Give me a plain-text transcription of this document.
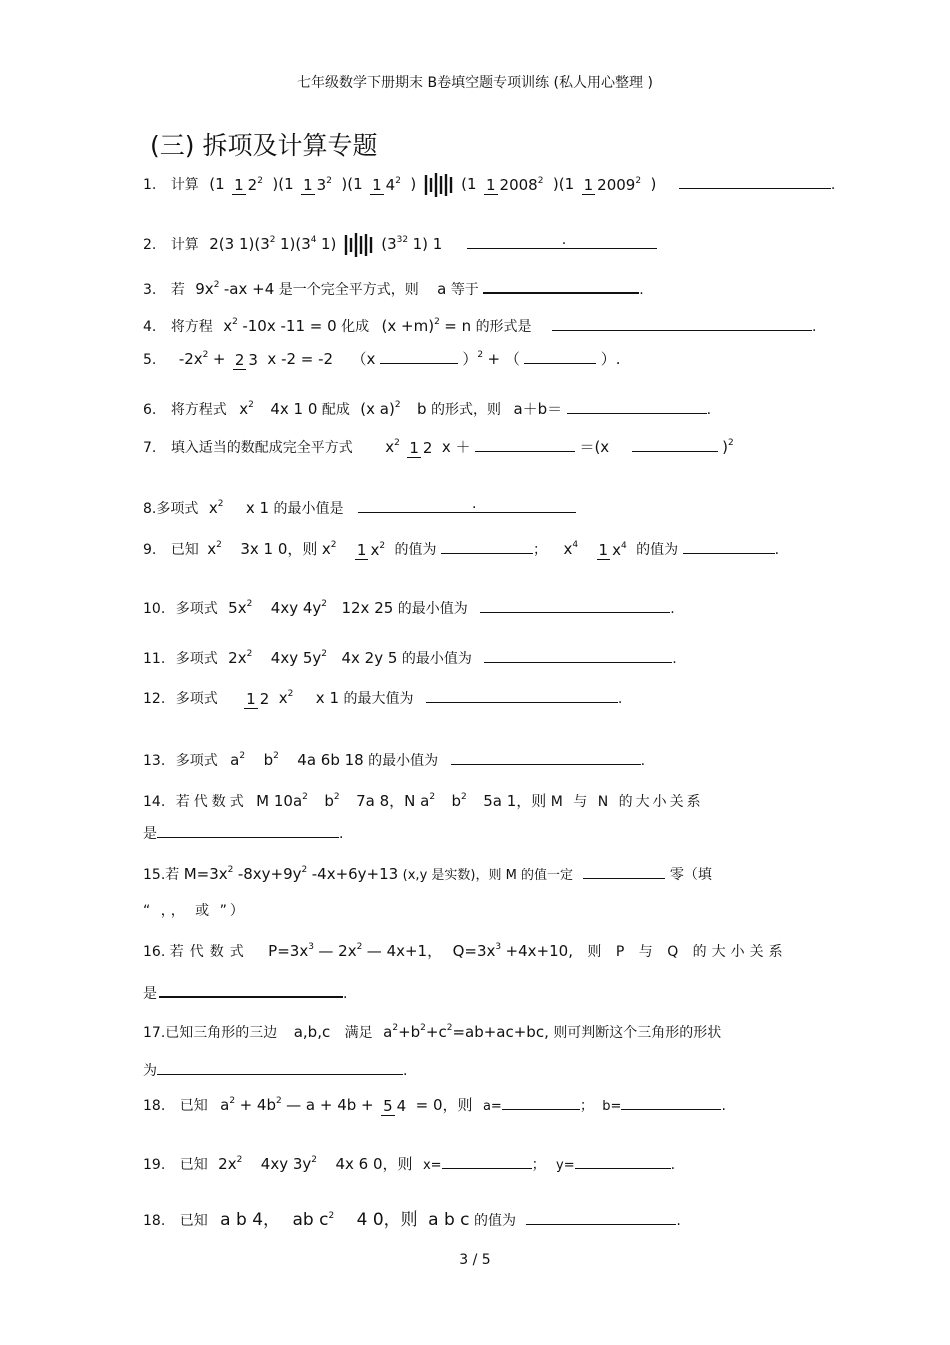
七年级数学下册期末 B卷填空题专项训练 (私人用心整理 )
(三) 拆项及计算专题
1. 计算 (1 1 $2^2$ )(1 1 $3^2$ )(1 1 $4^2$ )	(1 1 2008$^2$ )(1 1 2009$^2$ )	.
2. 计算 2(3 $1)(3^2$ $1)(3^4$ 1)	($3^{32}$ 1) 1	.
3. 若 $9x^2$ -ax +4 是一个完全平方式，则 a 等于	.
4. 将方程 $x^2$ -10x -11 = 0 化成 $(x +m)^2 = n$ 的形式是	.
5. $-2x^2 + 2$ 3 x -2 = -2 （x	）$^2$ + （	）.
6. 将方程式 $x^2$ 4x 1 0 配成 (x a)$^2$ b 的形式，则 a＋b＝	.
7. 填入适当的数配成完全平方式 $x^2$ 1 2 x ＋	＝(x	)$^2$
8.多项式 $x^2$ x 1 的最小值是	.
9. 已知 $x^2$ 3x 1 0，则 $x^2$ 1 $x^2$ 的值为	； $x^4$ 1 $x^4$ 的值为	.
10. 多项式 $5x^2$ 4xy $4y^2$ 12x 25 的最小值为	.
11. 多项式 $2x^2$ 4xy $5y^2$ 4x 2y 5 的最小值为	.
12. 多项式 1 2 $x^2$ x 1 的最大值为	.
13. 多项式 $a^2$ $b^2$ 4a 6b 18 的最小值为	.
14. 若代数式 M $10a^2$ $b^2$ 7a 8，N $a^2$ $b^2$ 5a 1，则 M 与 N 的大小关系
是	.
15.若 $M=3x^2$ $-8xy+9y^2$ -4x+6y+13 (x,y 是实数)，则 M 的值一定	零（填
“ ，， 或 ”）
16. 若代数式 $P=3x^3$ — $2x^2$ — 4x+1， $Q=3x^3 +4x+10$, 则 P 与 Q 的大小关系
是	.
17.已知三角形的三边 a,b,c 满足 $a^2+b^2+c^2=ab+ac+bc$, 则可判断这个三角形的形状
为	.
18. 已知 $a^2 + 4b^2$ — a + 4b + 5 4 = 0，则 a=	； b=	.
19. 已知 $2x^2$ 4xy $3y^2$ 4x 6 0，则 x=	； y=	.
18. 已知 a b 4， ab $c^2$ 4 0，则 a b c 的值为	.
3 / 5
